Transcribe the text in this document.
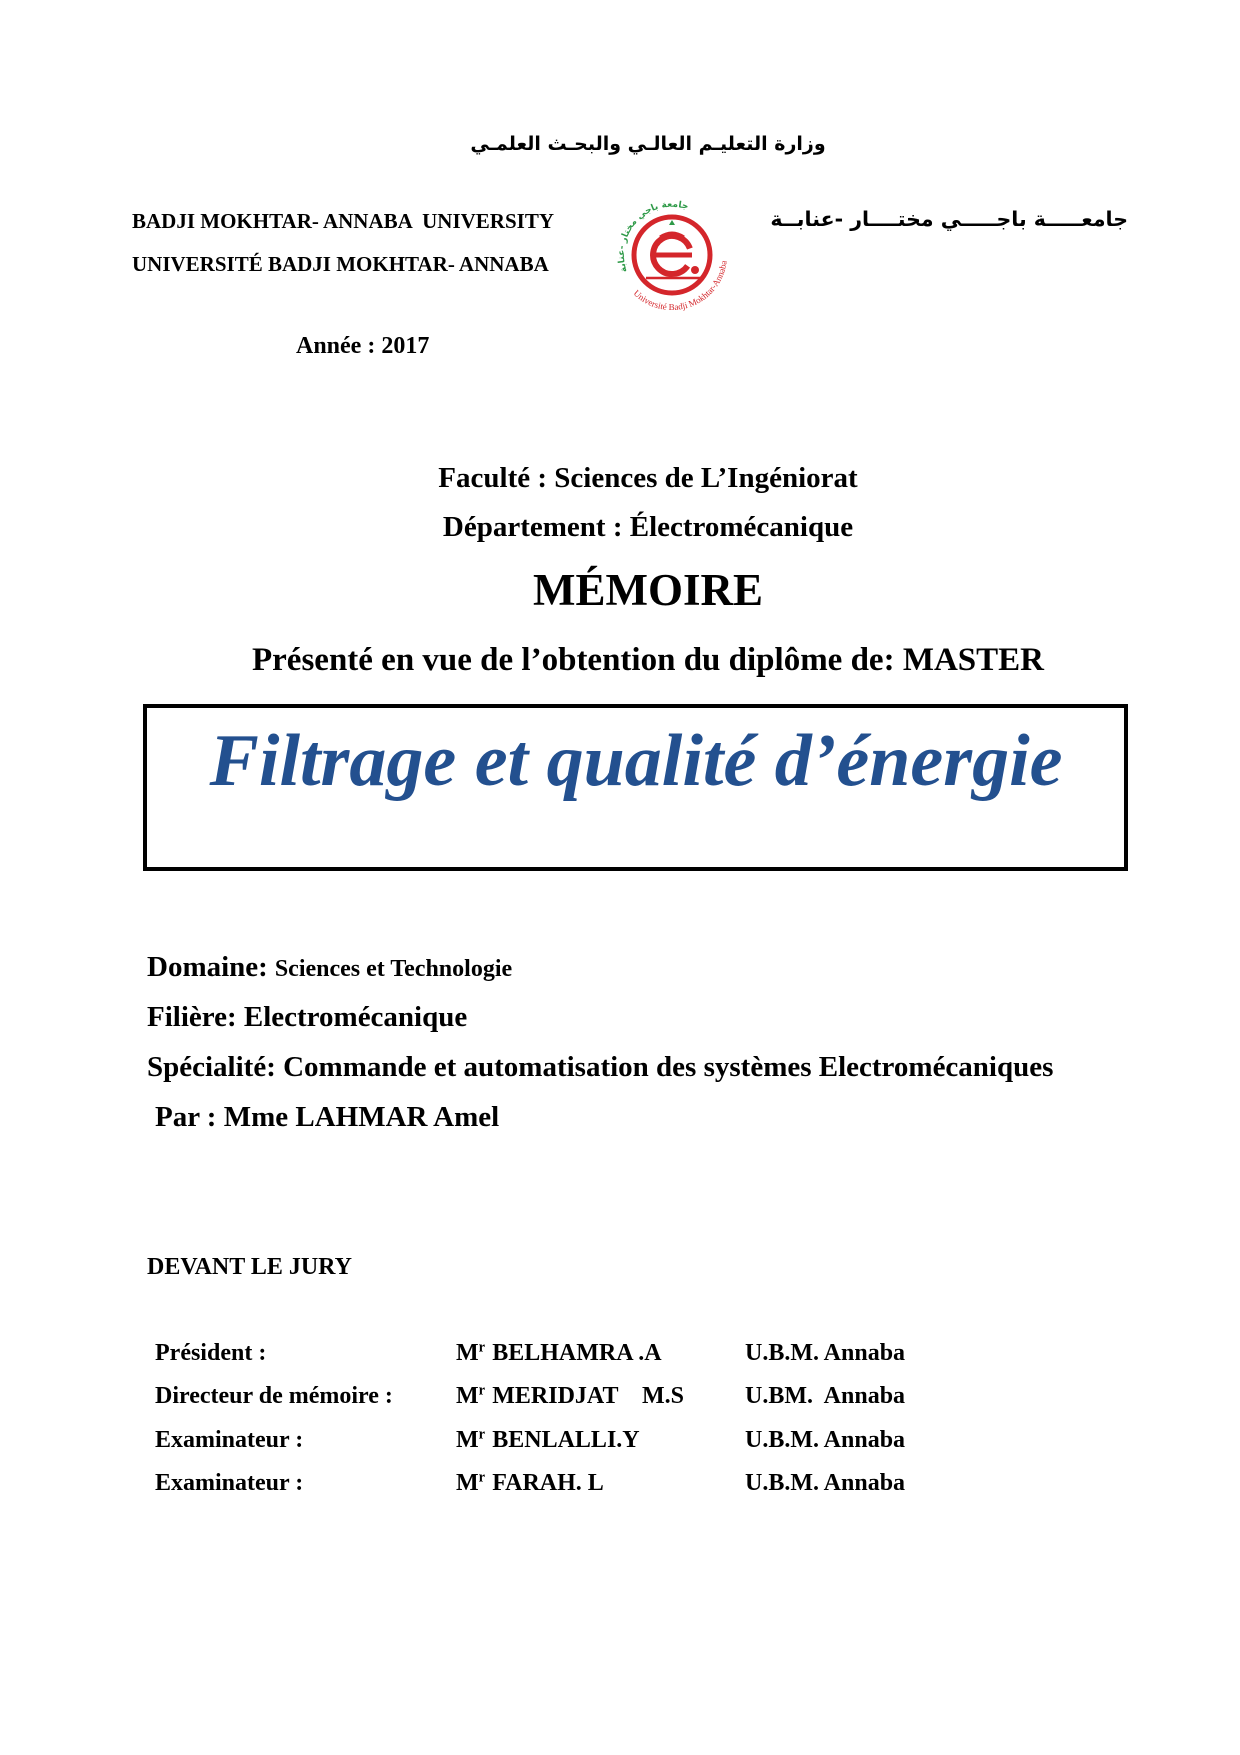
وزارة التعليـم العالـي والبحـث العلمـي
BADJI MOKHTAR- ANNABA  UNIVERSITY
UNIVERSITÉ BADJI MOKHTAR- ANNABA	جامعة باجي مختار -عنابة
Université Badji Mokhtar-Annaba
جامعـــــة باجـــــي مختــــار -عنابــة
Année : 2017
Faculté : Sciences de L’Ingéniorat
Département : Électromécanique
MÉMOIRE
Présenté en vue de l’obtention du diplôme de: MASTER
Filtrage et qualité d’énergie
Domaine: Sciences et Technologie
Filière: Electromécanique
Spécialité: Commande et automatisation des systèmes Electromécaniques
Par : Mme LAHMAR Amel
DEVANT LE JURY
Président :	$M^r$ BELHAMRA .A	U.B.M. Annaba
Directeur de mémoire :	$M^r$ MERIDJAT    M.S	U.BM.  Annaba
Examinateur :	$M^r$ BENLALLI.Y	U.B.M. Annaba
Examinateur :	$M^r$ FARAH. L	U.B.M. Annaba
